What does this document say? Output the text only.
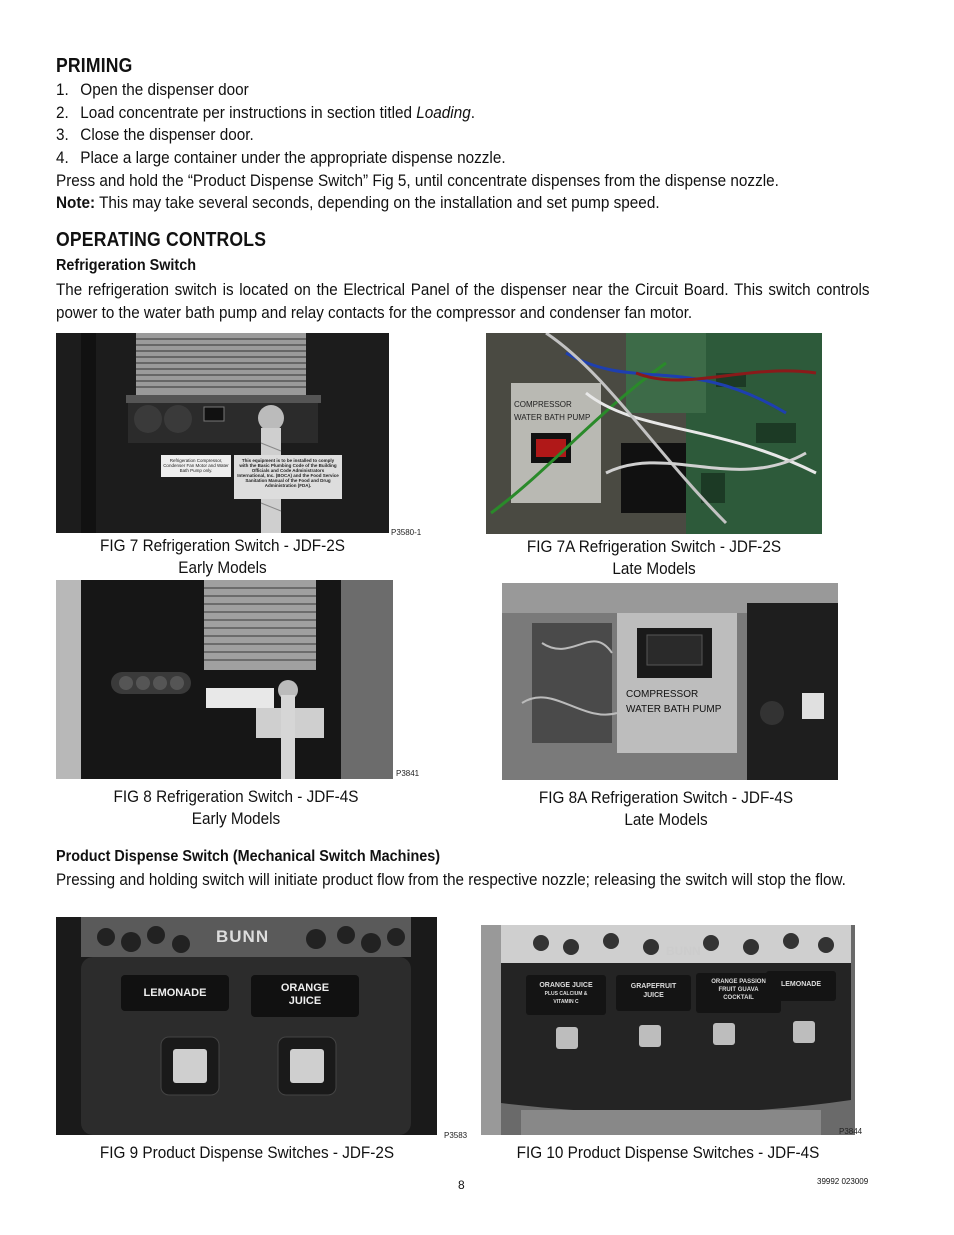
PRIMING
1. Open the dispenser door
2. Load concentrate per instructions in section titled Loading.
3. Close the dispenser door.
4. Place a large container under the appropriate dispense nozzle.
Press and hold the “Product Dispense Switch” Fig 5, until concentrate dispenses from the dispense nozzle.
Note: This may take several seconds, depending on the installation and set pump speed.
OPERATING CONTROLS
Refrigeration Switch
The refrigeration switch is located on the Electrical Panel of the dispenser near the Circuit Board. This switch controls power to the water bath pump and relay contacts for the compressor and condenser fan motor.
Refrigeration Compressor, Condenser Fan Motor and Water Bath Pump only.
This equipment is to be installed to comply with the Basic Plumbing Code of the Building Officials and Code Administrators International, Inc. (BOCA) and the Food Service Sanitation Manual of the Food and Drug Administration (FDA).
P3580-1
FIG 7 Refrigeration Switch - JDF-2S
Early Models
COMPRESSOR
WATER BATH PUMP
FIG 7A Refrigeration Switch - JDF-2S
Late Models
P3841
FIG 8 Refrigeration Switch - JDF-4S
Early Models
COMPRESSOR
WATER BATH PUMP
FIG 8A Refrigeration Switch - JDF-4S
Late Models
Product Dispense Switch (Mechanical Switch Machines)
Pressing and holding switch will initiate product flow from the respective nozzle; releasing the switch will stop the flow.
BUNN
LEMONADE	ORANGE
JUICE
P3583
FIG 9 Product Dispense Switches - JDF-2S
BUNN
ORANGE JUICE
PLUS CALCIUM &
VITAMIN C
GRAPEFRUIT
JUICE
ORANGE PASSION
FRUIT GUAVA
COCKTAIL
LEMONADE
P3844
FIG 10 Product Dispense Switches - JDF-4S
8	39992 023009
